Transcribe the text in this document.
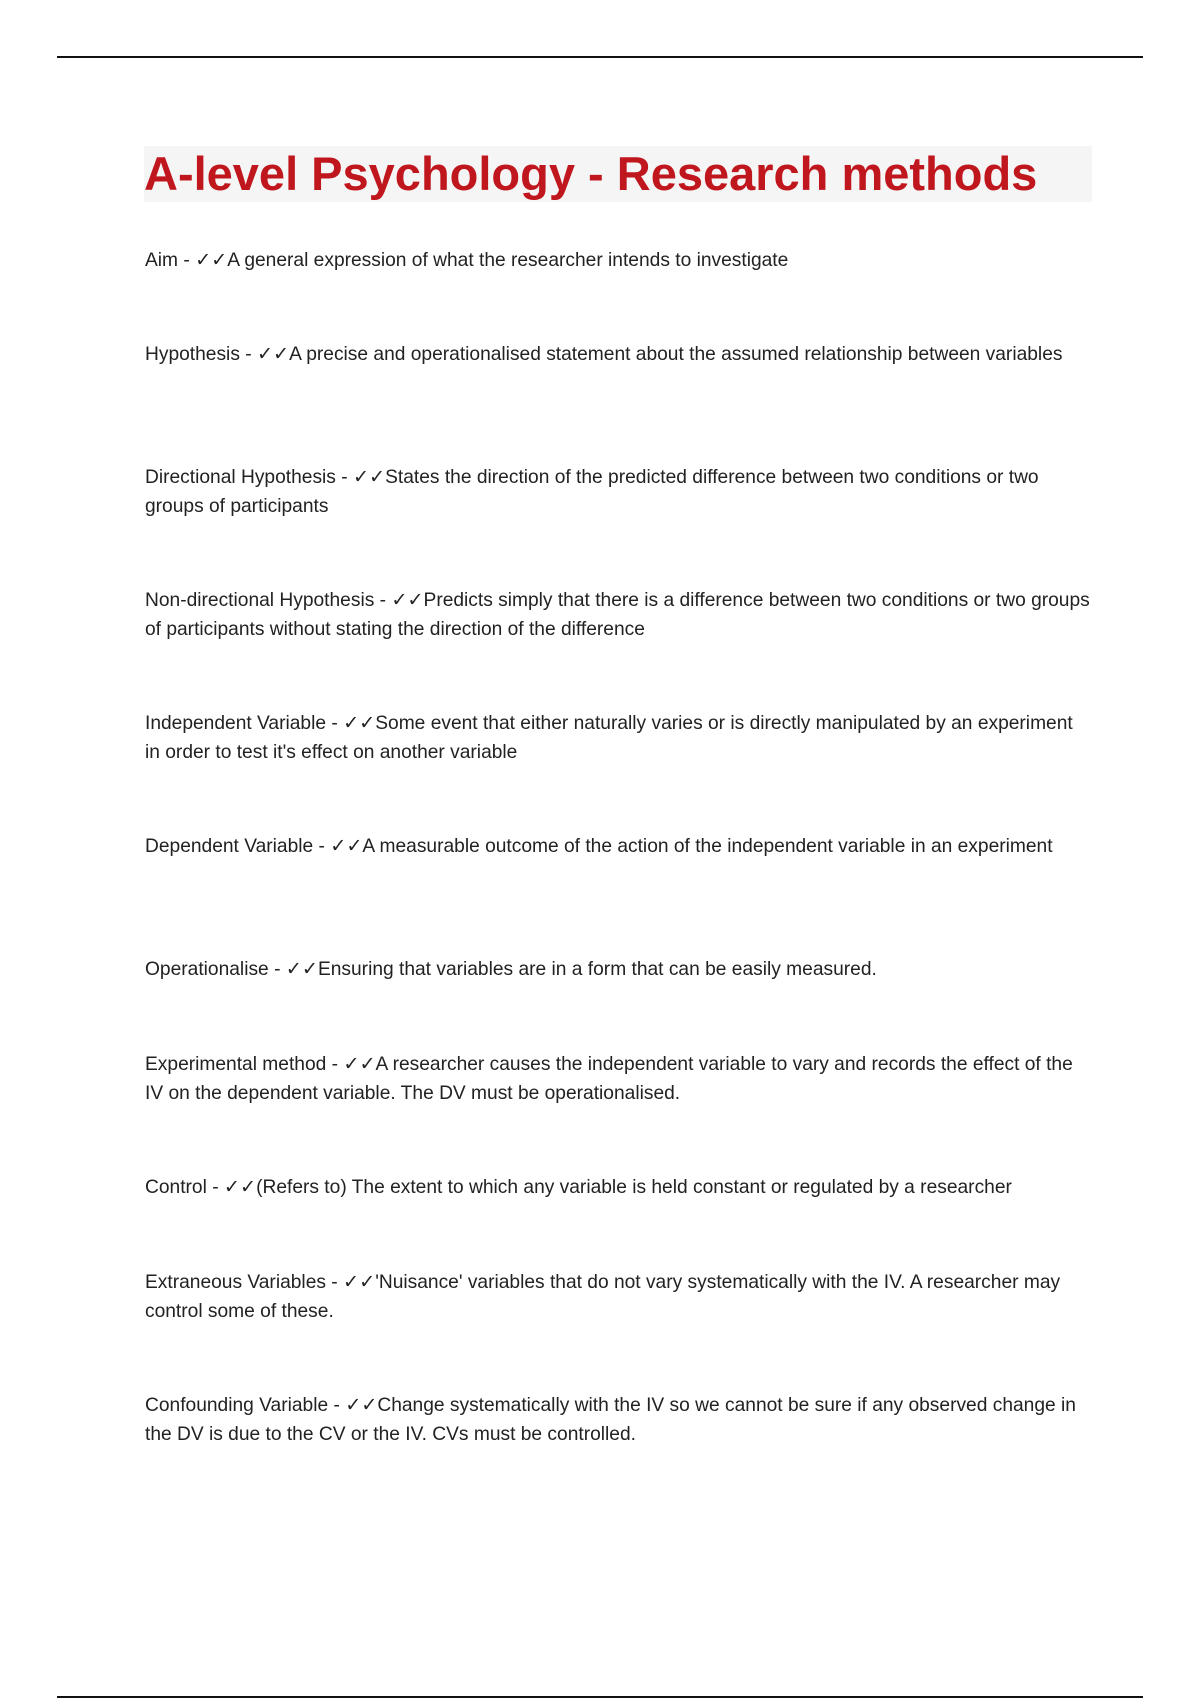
A-level Psychology - Research methods

Aim - ✓✓A general expression of what the researcher intends to investigate

Hypothesis - ✓✓A precise and operationalised statement about the assumed relationship between variables

Directional Hypothesis - ✓✓States the direction of the predicted difference between two conditions or two groups of participants

Non-directional Hypothesis - ✓✓Predicts simply that there is a difference between two conditions or two groups of participants without stating the direction of the difference

Independent Variable - ✓✓Some event that either naturally varies or is directly manipulated by an experiment in order to test it's effect on another variable

Dependent Variable - ✓✓A measurable outcome of the action of the independent variable in an experiment

Operationalise - ✓✓Ensuring that variables are in a form that can be easily measured.

Experimental method - ✓✓A researcher causes the independent variable to vary and records the effect of the IV on the dependent variable. The DV must be operationalised.

Control - ✓✓(Refers to) The extent to which any variable is held constant or regulated by a researcher

Extraneous Variables - ✓✓'Nuisance' variables that do not vary systematically with the IV. A researcher may control some of these.

Confounding Variable - ✓✓Change systematically with the IV so we cannot be sure if any observed change in the DV is due to the CV or the IV. CVs must be controlled.
